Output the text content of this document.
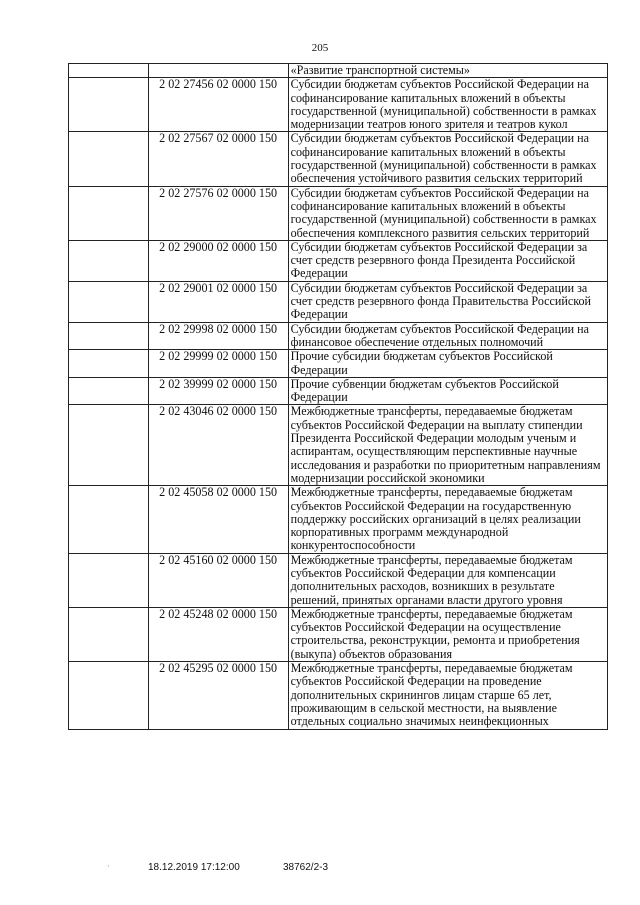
205
		«Развитие транспортной системы»
	2 02 27456 02 0000 150	Субсидии бюджетам субъектов Российской Федерации на софинансирование капитальных вложений в объекты государственной (муниципальной) собственности в рамках модернизации театров юного зрителя и театров кукол
	2 02 27567 02 0000 150	Субсидии бюджетам субъектов Российской Федерации на софинансирование капитальных вложений в объекты государственной (муниципальной) собственности в рамках обеспечения устойчивого развития сельских территорий
	2 02 27576 02 0000 150	Субсидии бюджетам субъектов Российской Федерации на софинансирование капитальных вложений в объекты государственной (муниципальной) собственности в рамках обеспечения комплексного развития сельских территорий
	2 02 29000 02 0000 150	Субсидии бюджетам субъектов Российской Федерации за счет средств резервного фонда Президента Российской Федерации
	2 02 29001 02 0000 150	Субсидии бюджетам субъектов Российской Федерации за счет средств резервного фонда Правительства Российской Федерации
	2 02 29998 02 0000 150	Субсидии бюджетам субъектов Российской Федерации на финансовое обеспечение отдельных полномочий
	2 02 29999 02 0000 150	Прочие субсидии бюджетам субъектов Российской Федерации
	2 02 39999 02 0000 150	Прочие субвенции бюджетам субъектов Российской Федерации
	2 02 43046 02 0000 150	Межбюджетные трансферты, передаваемые бюджетам субъектов Российской Федерации на выплату стипендии Президента Российской Федерации молодым ученым и аспирантам, осуществляющим перспективные научные исследования и разработки по приоритетным направлениям модернизации российской экономики
	2 02 45058 02 0000 150	Межбюджетные трансферты, передаваемые бюджетам субъектов Российской Федерации на государственную поддержку российских организаций в целях реализации корпоративных программ международной конкурентоспособности
	2 02 45160 02 0000 150	Межбюджетные трансферты, передаваемые бюджетам субъектов Российской Федерации для компенсации дополнительных расходов, возникших в результате решений, принятых органами власти другого уровня
	2 02 45248 02 0000 150	Межбюджетные трансферты, передаваемые бюджетам субъектов Российской Федерации на осуществление строительства, реконструкции, ремонта и приобретения (выкупа) объектов образования
	2 02 45295 02 0000 150	Межбюджетные трансферты, передаваемые бюджетам субъектов Российской Федерации на проведение дополнительных скринингов лицам старше 65 лет, проживающим в сельской местности, на выявление отдельных социально значимых неинфекционных
·	18.12.2019 17:12:00	38762/2-3
